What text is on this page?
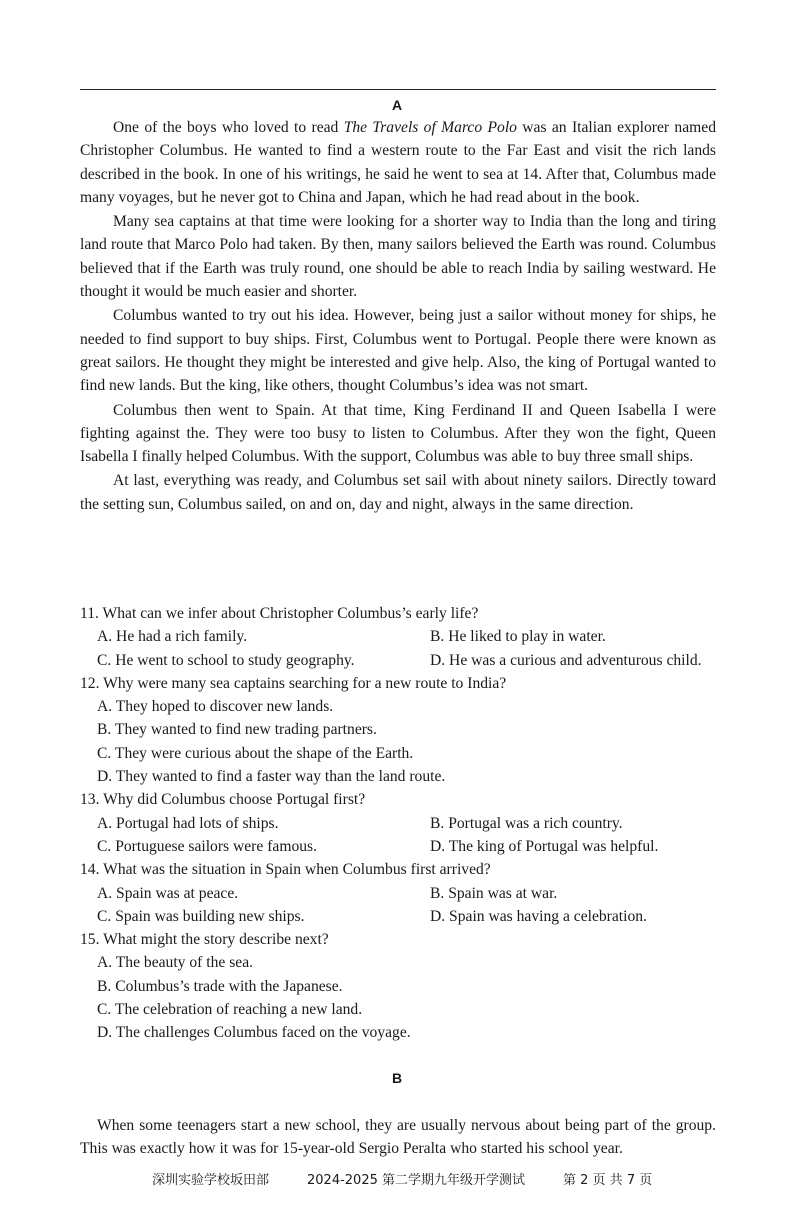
A

One of the boys who loved to read The Travels of Marco Polo was an Italian explorer named Christopher Columbus. He wanted to find a western route to the Far East and visit the rich lands described in the book. In one of his writings, he said he went to sea at 14. After that, Columbus made many voyages, but he never got to China and Japan, which he had read about in the book.

Many sea captains at that time were looking for a shorter way to India than the long and tiring land route that Marco Polo had taken. By then, many sailors believed the Earth was round. Columbus believed that if the Earth was truly round, one should be able to reach India by sailing westward. He thought it would be much easier and shorter.

Columbus wanted to try out his idea. However, being just a sailor without money for ships, he needed to find support to buy ships. First, Columbus went to Portugal. People there were known as great sailors. He thought they might be interested and give help. Also, the king of Portugal wanted to find new lands. But the king, like others, thought Columbus’s idea was not smart.

Columbus then went to Spain. At that time, King Ferdinand II and Queen Isabella I were fighting against the. They were too busy to listen to Columbus. After they won the fight, Queen Isabella I finally helped Columbus. With the support, Columbus was able to buy three small ships.

At last, everything was ready, and Columbus set sail with about ninety sailors. Directly toward the setting sun, Columbus sailed, on and on, day and night, always in the same direction.

11. What can we infer about Christopher Columbus’s early life?
A. He had a rich family.	B. He liked to play in water.
C. He went to school to study geography.	D. He was a curious and adventurous child.
12. Why were many sea captains searching for a new route to India?
A. They hoped to discover new lands.
B. They wanted to find new trading partners.
C. They were curious about the shape of the Earth.
D. They wanted to find a faster way than the land route.
13. Why did Columbus choose Portugal first?
A. Portugal had lots of ships.	B. Portugal was a rich country.
C. Portuguese sailors were famous.	D. The king of Portugal was helpful.
14. What was the situation in Spain when Columbus first arrived?
A. Spain was at peace.	B. Spain was at war.
C. Spain was building new ships.	D. Spain was having a celebration.
15. What might the story describe next?
A. The beauty of the sea.
B. Columbus’s trade with the Japanese.
C. The celebration of reaching a new land.
D. The challenges Columbus faced on the voyage.
B

When some teenagers start a new school, they are usually nervous about being part of the group. This was exactly how it was for 15-year-old Sergio Peralta who started his school year.

深圳实验学校坂田部	2024-2025 第二学期九年级开学测试	第 2 页 共 7 页
